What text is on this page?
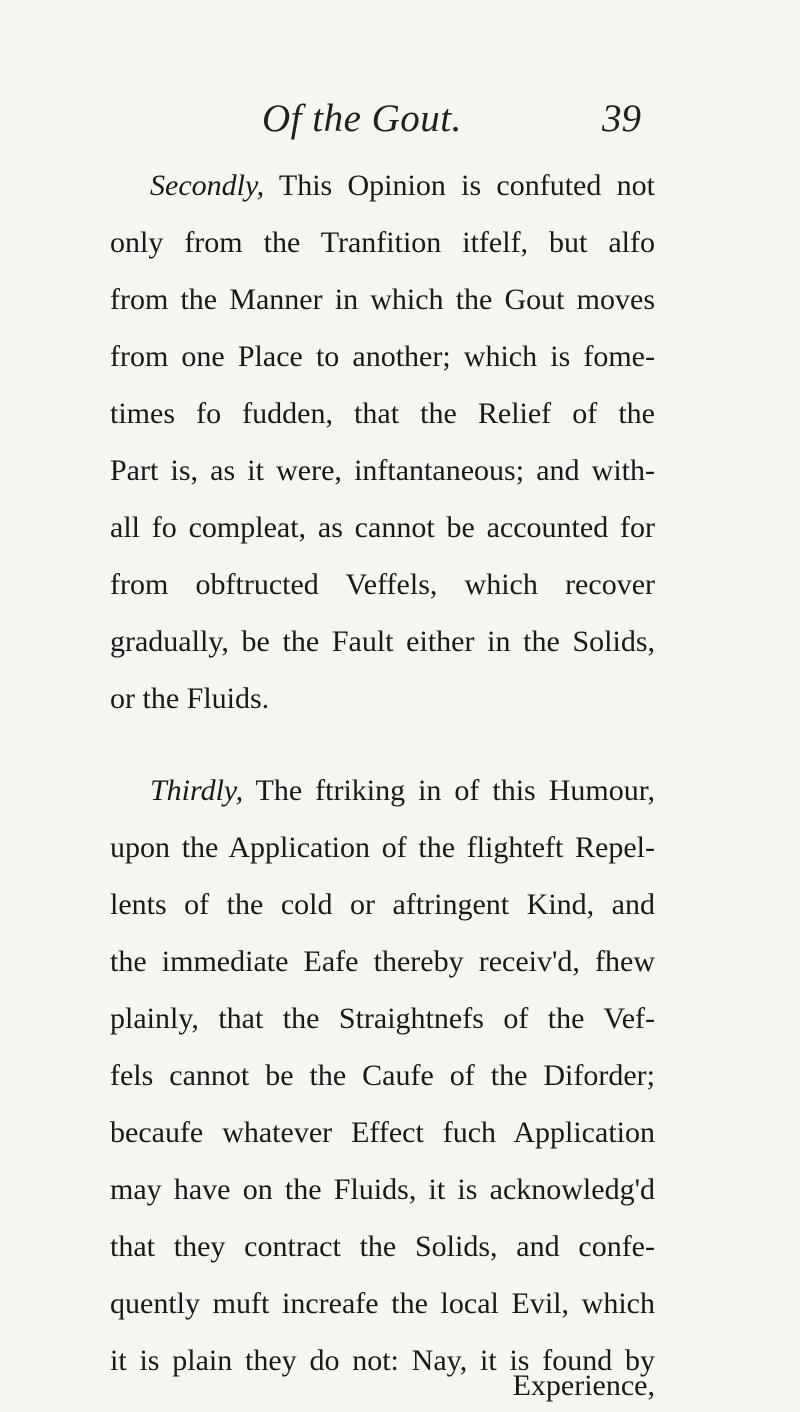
Of the Gout.	39
Secondly, This Opinion is confuted not
only from the Tranfition itfelf, but alfo
from the Manner in which the Gout moves
from one Place to another; which is fome-
times fo fudden, that the Relief of the
Part is, as it were, inftantaneous; and with-
all fo compleat, as cannot be accounted for
from obftructed Veffels, which recover
gradually, be the Fault either in the Solids,
or the Fluids.
Thirdly, The ftriking in of this Humour,
upon the Application of the flighteft Repel-
lents of the cold or aftringent Kind, and
the immediate Eafe thereby receiv'd, fhew
plainly, that the Straightnefs of the Vef-
fels cannot be the Caufe of the Diforder;
becaufe whatever Effect fuch Application
may have on the Fluids, it is acknowledg'd
that they contract the Solids, and confe-
quently muft increafe the local Evil, which
it is plain they do not: Nay, it is found by
Experience,
